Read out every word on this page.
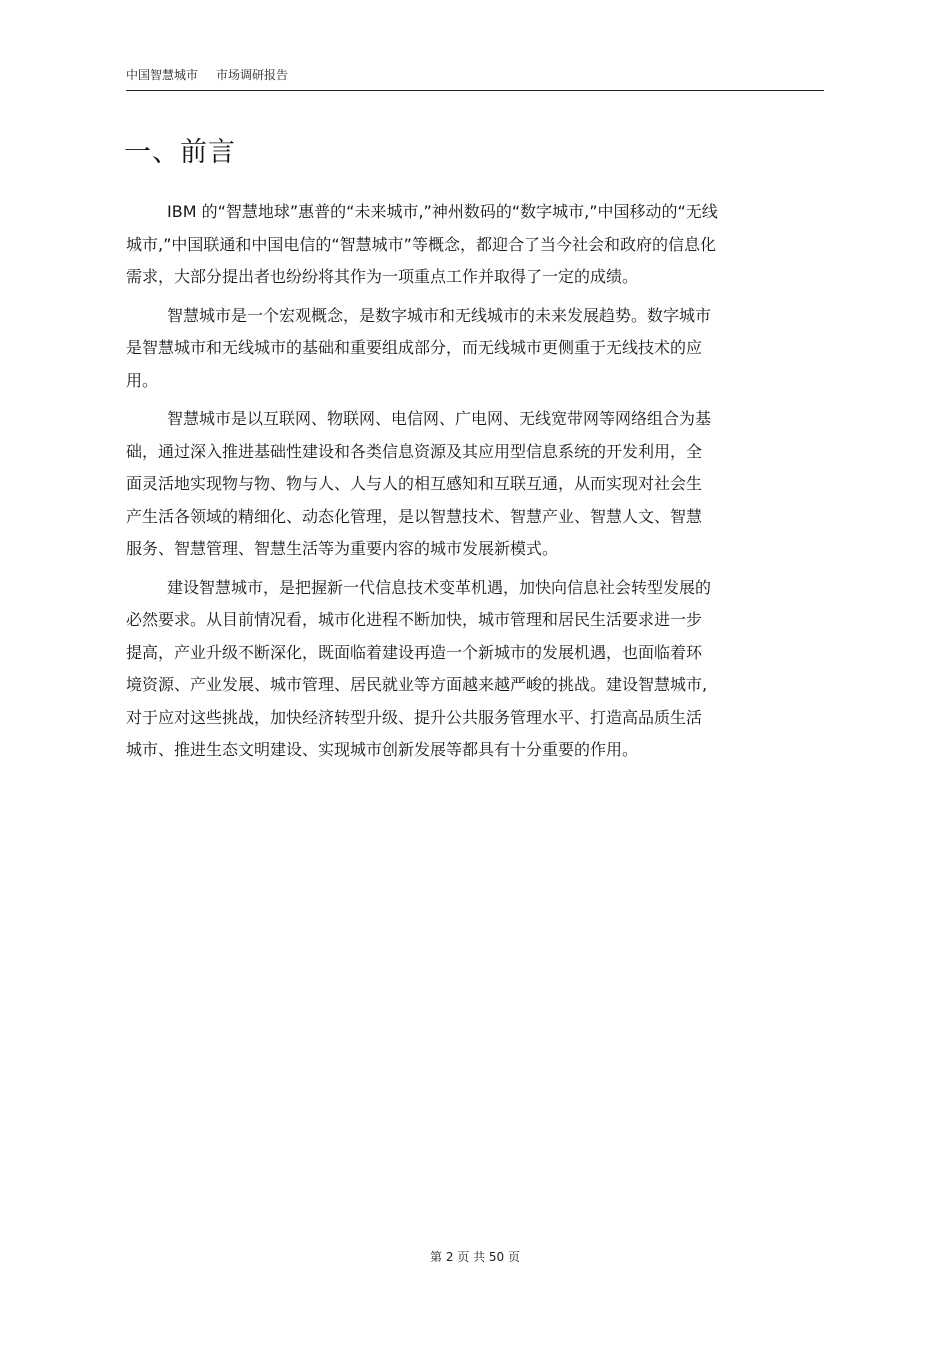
中国智慧城市 市场调研报告
一、前言

IBM 的“智慧地球”惠普的“未来城市,”神州数码的“数字城市,”中国移动的“无线
城市,”中国联通和中国电信的“智慧城市”等概念，都迎合了当今社会和政府的信息化
需求，大部分提出者也纷纷将其作为一项重点工作并取得了一定的成绩。

智慧城市是一个宏观概念，是数字城市和无线城市的未来发展趋势。数字城市
是智慧城市和无线城市的基础和重要组成部分，而无线城市更侧重于无线技术的应
用。

智慧城市是以互联网、物联网、电信网、广电网、无线宽带网等网络组合为基
础，通过深入推进基础性建设和各类信息资源及其应用型信息系统的开发利用，全
面灵活地实现物与物、物与人、人与人的相互感知和互联互通，从而实现对社会生
产生活各领域的精细化、动态化管理，是以智慧技术、智慧产业、智慧人文、智慧
服务、智慧管理、智慧生活等为重要内容的城市发展新模式。

建设智慧城市，是把握新一代信息技术变革机遇，加快向信息社会转型发展的
必然要求。从目前情况看，城市化进程不断加快，城市管理和居民生活要求进一步
提高，产业升级不断深化，既面临着建设再造一个新城市的发展机遇，也面临着环
境资源、产业发展、城市管理、居民就业等方面越来越严峻的挑战。建设智慧城市,
对于应对这些挑战，加快经济转型升级、提升公共服务管理水平、打造高品质生活
城市、推进生态文明建设、实现城市创新发展等都具有十分重要的作用。

第 2 页 共 50 页
